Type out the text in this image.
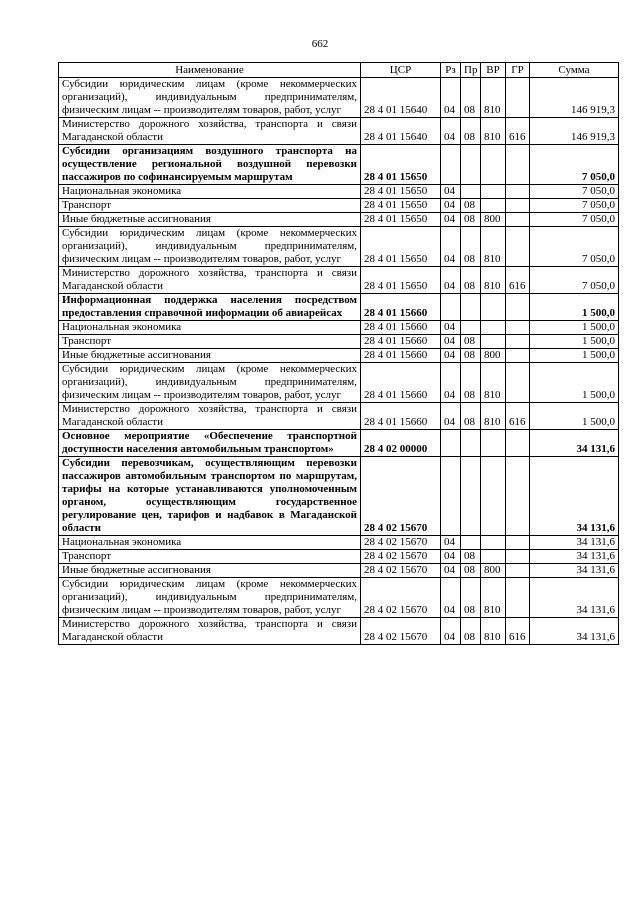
662
Наименование	ЦСР	Рз	Пр	ВР	ГР	Сумма
Субсидии юридическим лицам (кроме некоммерческих организаций), индивидуальным предпринимателям, физическим лицам -- производителям товаров, работ, услуг	28 4 01 15640	04	08	810		146 919,3
Министерство дорожного хозяйства, транспорта и связи Магаданской области	28 4 01 15640	04	08	810	616	146 919,3
Субсидии организациям воздушного транспорта на осуществление региональной воздушной перевозки пассажиров по софинансируемым маршрутам	28 4 01 15650					7 050,0
Национальная экономика	28 4 01 15650	04				7 050,0
Транспорт	28 4 01 15650	04	08			7 050,0
Иные бюджетные ассигнования	28 4 01 15650	04	08	800		7 050,0
Субсидии юридическим лицам (кроме некоммерческих организаций), индивидуальным предпринимателям, физическим лицам -- производителям товаров, работ, услуг	28 4 01 15650	04	08	810		7 050,0
Министерство дорожного хозяйства, транспорта и связи Магаданской области	28 4 01 15650	04	08	810	616	7 050,0
Информационная поддержка населения посредством предоставления справочной информации об авиарейсах	28 4 01 15660					1 500,0
Национальная экономика	28 4 01 15660	04				1 500,0
Транспорт	28 4 01 15660	04	08			1 500,0
Иные бюджетные ассигнования	28 4 01 15660	04	08	800		1 500,0
Субсидии юридическим лицам (кроме некоммерческих организаций), индивидуальным предпринимателям, физическим лицам -- производителям товаров, работ, услуг	28 4 01 15660	04	08	810		1 500,0
Министерство дорожного хозяйства, транспорта и связи Магаданской области	28 4 01 15660	04	08	810	616	1 500,0
Основное мероприятие «Обеспечение транспортной доступности населения автомобильным транспортом»	28 4 02 00000					34 131,6
Субсидии перевозчикам, осуществляющим перевозки пассажиров автомобильным транспортом по маршрутам, тарифы на которые устанавливаются уполномоченным органом, осуществляющим государственное регулирование цен, тарифов и надбавок в Магаданской области	28 4 02 15670					34 131,6
Национальная экономика	28 4 02 15670	04				34 131,6
Транспорт	28 4 02 15670	04	08			34 131,6
Иные бюджетные ассигнования	28 4 02 15670	04	08	800		34 131,6
Субсидии юридическим лицам (кроме некоммерческих организаций), индивидуальным предпринимателям, физическим лицам -- производителям товаров, работ, услуг	28 4 02 15670	04	08	810		34 131,6
Министерство дорожного хозяйства, транспорта и связи Магаданской области	28 4 02 15670	04	08	810	616	34 131,6
